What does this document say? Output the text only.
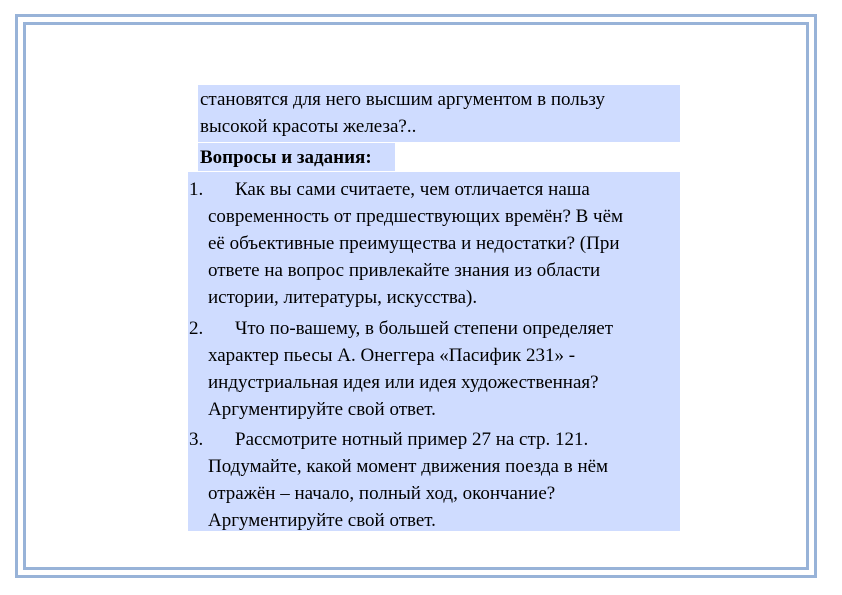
становятся для него высшим аргументом в пользу
высокой красоты железа?..
Вопросы и задания:
1. Как вы сами считаете, чем отличается наша
современность от предшествующих времён? В чём
её объективные преимущества и недостатки? (При
ответе на вопрос привлекайте знания из области
истории, литературы, искусства).
2. Что по-вашему, в большей степени определяет
характер пьесы А. Онеггера «Пасифик 231» -
индустриальная идея или идея художественная?
Аргументируйте свой ответ.
3. Рассмотрите нотный пример 27 на стр. 121.
Подумайте, какой момент движения поезда в нём
отражён – начало, полный ход, окончание?
Аргументируйте свой ответ.
